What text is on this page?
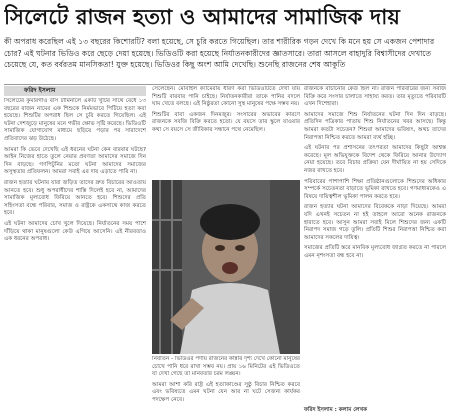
সিলেটে রাজন হত্যা ও আমাদের সামাজিক দায়
কী অপরাধ করেছিল এই ১৩ বছরের কিশোরটি? বলা হয়েছে, সে চুরি করতে গিয়েছিল। তার শারীরিক গড়ন দেখে কি মনে হয় সে একজন পেশাদার চোর? এই ঘটনার ভিডিও করে ছেড়ে দেয়া হয়েছে। ভিডিওটি করা হয়েছে নির্যাতনকারীদের জ্ঞাতসারে। তারা আসলে বাহাদুরি বিশ্বাসীদের দেখাতে চেয়েছে যে, কত বর্বরতম মানসিকতা! যুক্ত হয়েছে। ভিডিওর কিছু অংশ আমি দেখেছি। শুনেছি রাজনের শেষ আকুতি
ফরিদ ইসলাম

সিলেটের কুমারগাঁও বাস টার্মিনালে একটি খুঁটির সাথে বেঁধে ১৩ বছরের রাজন নামের এক শিশুকে নির্মমভাবে পিটিয়ে হত্যা করা হয়েছে। শিশুটির অপরাধ ছিল সে চুরি করতে গিয়েছিল। এই ঘটনা দেশজুড়ে মানুষের মনে গভীর ক্ষোভ সৃষ্টি করেছে। ভিডিওটি সামাজিক যোগাযোগ মাধ্যমে ছড়িয়ে পড়ার পর সারাদেশে প্রতিবাদের ঝড় উঠেছে।

আমরা কি ভেবে দেখেছি এই ধরনের ঘটনা কেন বারবার ঘটছে? আইন নিজের হাতে তুলে নেয়ার প্রবণতা আমাদের সমাজে দিন দিন বাড়ছে। গণপিটুনির মতো ঘটনা আমাদের সমাজের অসুস্থতার প্রতিফলন। আমরা সবাই এর দায় এড়াতে পারি না।

রাজন হত্যার ঘটনায় যারা জড়িত তাদের দ্রুত বিচারের আওতায় আনতে হবে। শুধু অপরাধীদের শাস্তি দিলেই হবে না, আমাদের সামাজিক মূল্যবোধ ফিরিয়ে আনতে হবে। শিশুদের প্রতি সহিংসতা বন্ধে পরিবার, সমাজ ও রাষ্ট্রকে একসাথে কাজ করতে হবে।

এই ঘটনা আমাদের চোখ খুলে দিয়েছে। নির্যাতনের সময় পাশে দাঁড়িয়ে থাকা মানুষগুলো কেউ এগিয়ে আসেনি। এই নীরবতাও এক ধরনের অপরাধ।

সেলেছেন। মোবাইল ক্যামেরায় ধারণ করা ভিডিওটিতে দেখা যায় শিশুটি বারবার পানি চাইছে। নির্যাতনকারীরা তাকে পানির বদলে ঘাম খেতে বলছে। এই নিষ্ঠুরতা কোনো সুস্থ মানুষের পক্ষে সম্ভব নয়।

শিশুটির বাবা একজন দিনমজুর। সংসারের অভাবের কারণে রাজনকে সবজি বিক্রি করতে হতো। যে বয়সে তার স্কুলে যাওয়ার কথা সে বয়সে সে জীবিকার সন্ধানে পথে নেমেছিল।

নির্যাতন - ভিডিওর পর্দায় রাজনের কান্নার দৃশ্য দেখে কোনো মানুষের চোখে পানি ধরে রাখা সম্ভব নয়। প্রায় ১৬ মিনিটের এই ভিডিওতে যা দেখা গেছে তা মানবতার চরম লঙ্ঘন।

আমরা আশা করি রাষ্ট্র এই হত্যাকাণ্ডের সুষ্ঠু বিচার নিশ্চিত করবে এবং ভবিষ্যতে এমন ঘটনা যেন আর না ঘটে সেজন্য কার্যকর পদক্ষেপ নেবে।

রাজনকে বাঁচানোর কেউ ছিল না। রাজন পরিবারের জন্য সবজি বিক্রি করে সংসার চালাতে সাহায্য করত। তার মৃত্যুতে পরিবারটি এখন দিশেহারা।

আমাদের সমাজে শিশু নির্যাতনের ঘটনা দিন দিন বাড়ছে। প্রতিদিন পত্রিকার পাতায় শিশু নির্যাতনের খবর আসছে। কিন্তু আমরা কতটা সচেতন? শিশুরা আমাদের ভবিষ্যৎ, অথচ তাদের নিরাপত্তা নিশ্চিত করতে আমরা ব্যর্থ হচ্ছি।

এই ঘটনার পর প্রশাসনের তৎপরতা আমাদের কিছুটা আশ্বস্ত করেছে। মূল অভিযুক্তকে বিদেশ থেকে ফিরিয়ে আনার উদ্যোগ নেয়া হয়েছে। তবে বিচার প্রক্রিয়া যেন দীর্ঘায়িত না হয় সেদিকে নজর রাখতে হবে।

পরিবারের পাশাপাশি শিক্ষা প্রতিষ্ঠানগুলোকে শিশুদের অধিকার সম্পর্কে সচেতনতা বাড়াতে ভূমিকা রাখতে হবে। গণমাধ্যমকেও এ বিষয়ে দায়িত্বশীল ভূমিকা পালন করতে হবে।

রাজন হত্যার ঘটনা আমাদের বিবেককে নাড়া দিয়েছে। আমরা যদি এখনই সচেতন না হই তাহলে আরো অনেক রাজনকে হারাতে হবে। আসুন আমরা সবাই মিলে শিশুদের জন্য একটি নিরাপদ সমাজ গড়ে তুলি। প্রতিটি শিশুর নিরাপত্তা নিশ্চিত করা আমাদের সকলের দায়িত্ব।

সমাজের প্রতিটি স্তরে মানবিক মূল্যবোধ জাগ্রত করতে না পারলে এমন নৃশংসতা বন্ধ হবে না।

ফরিদ ইসলাম : কলাম লেখক
